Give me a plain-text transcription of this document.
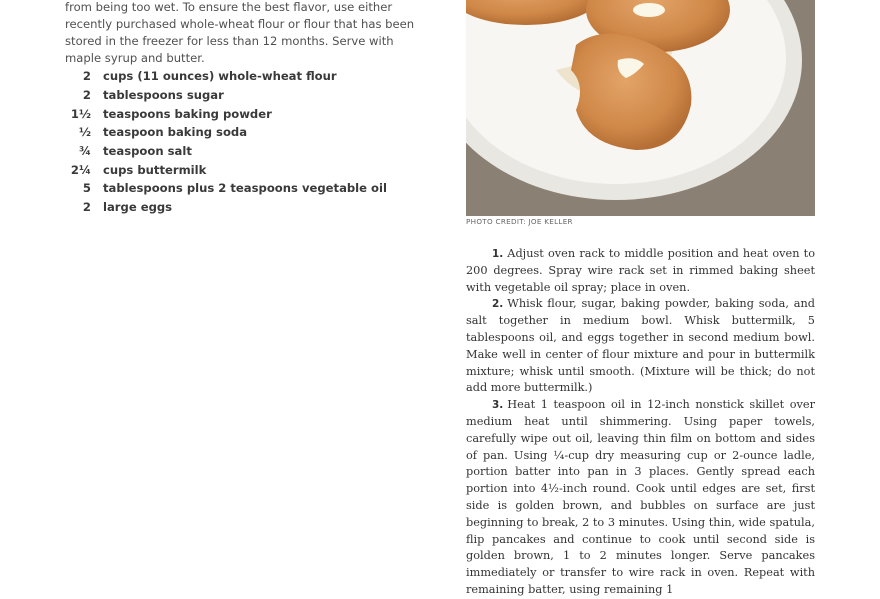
from being too wet. To ensure the best flavor, use either recently purchased whole-wheat flour or flour that has been stored in the freezer for less than 12 months. Serve with maple syrup and butter.

2 cups (11 ounces) whole-wheat flour
2 tablespoons sugar
1½ teaspoons baking powder
½ teaspoon baking soda
¾ teaspoon salt
2¼ cups buttermilk
5 tablespoons plus 2 teaspoons vegetable oil
2 large eggs
PHOTO CREDIT: JOE KELLER

1. Adjust oven rack to middle position and heat oven to 200 degrees. Spray wire rack set in rimmed baking sheet with vegetable oil spray; place in oven.

2. Whisk flour, sugar, baking powder, baking soda, and salt together in medium bowl. Whisk buttermilk, 5 tablespoons oil, and eggs together in second medium bowl. Make well in center of flour mixture and pour in buttermilk mixture; whisk until smooth. (Mixture will be thick; do not add more buttermilk.)

3. Heat 1 teaspoon oil in 12-inch nonstick skillet over medium heat until shimmering. Using paper towels, carefully wipe out oil, leaving thin film on bottom and sides of pan. Using ¼-cup dry measuring cup or 2-ounce ladle, portion batter into pan in 3 places. Gently spread each portion into 4½-inch round. Cook until edges are set, first side is golden brown, and bubbles on surface are just beginning to break, 2 to 3 minutes. Using thin, wide spatula, flip pancakes and continue to cook until second side is golden brown, 1 to 2 minutes longer. Serve pancakes immediately or transfer to wire rack in oven. Repeat with remaining batter, using remaining 1
